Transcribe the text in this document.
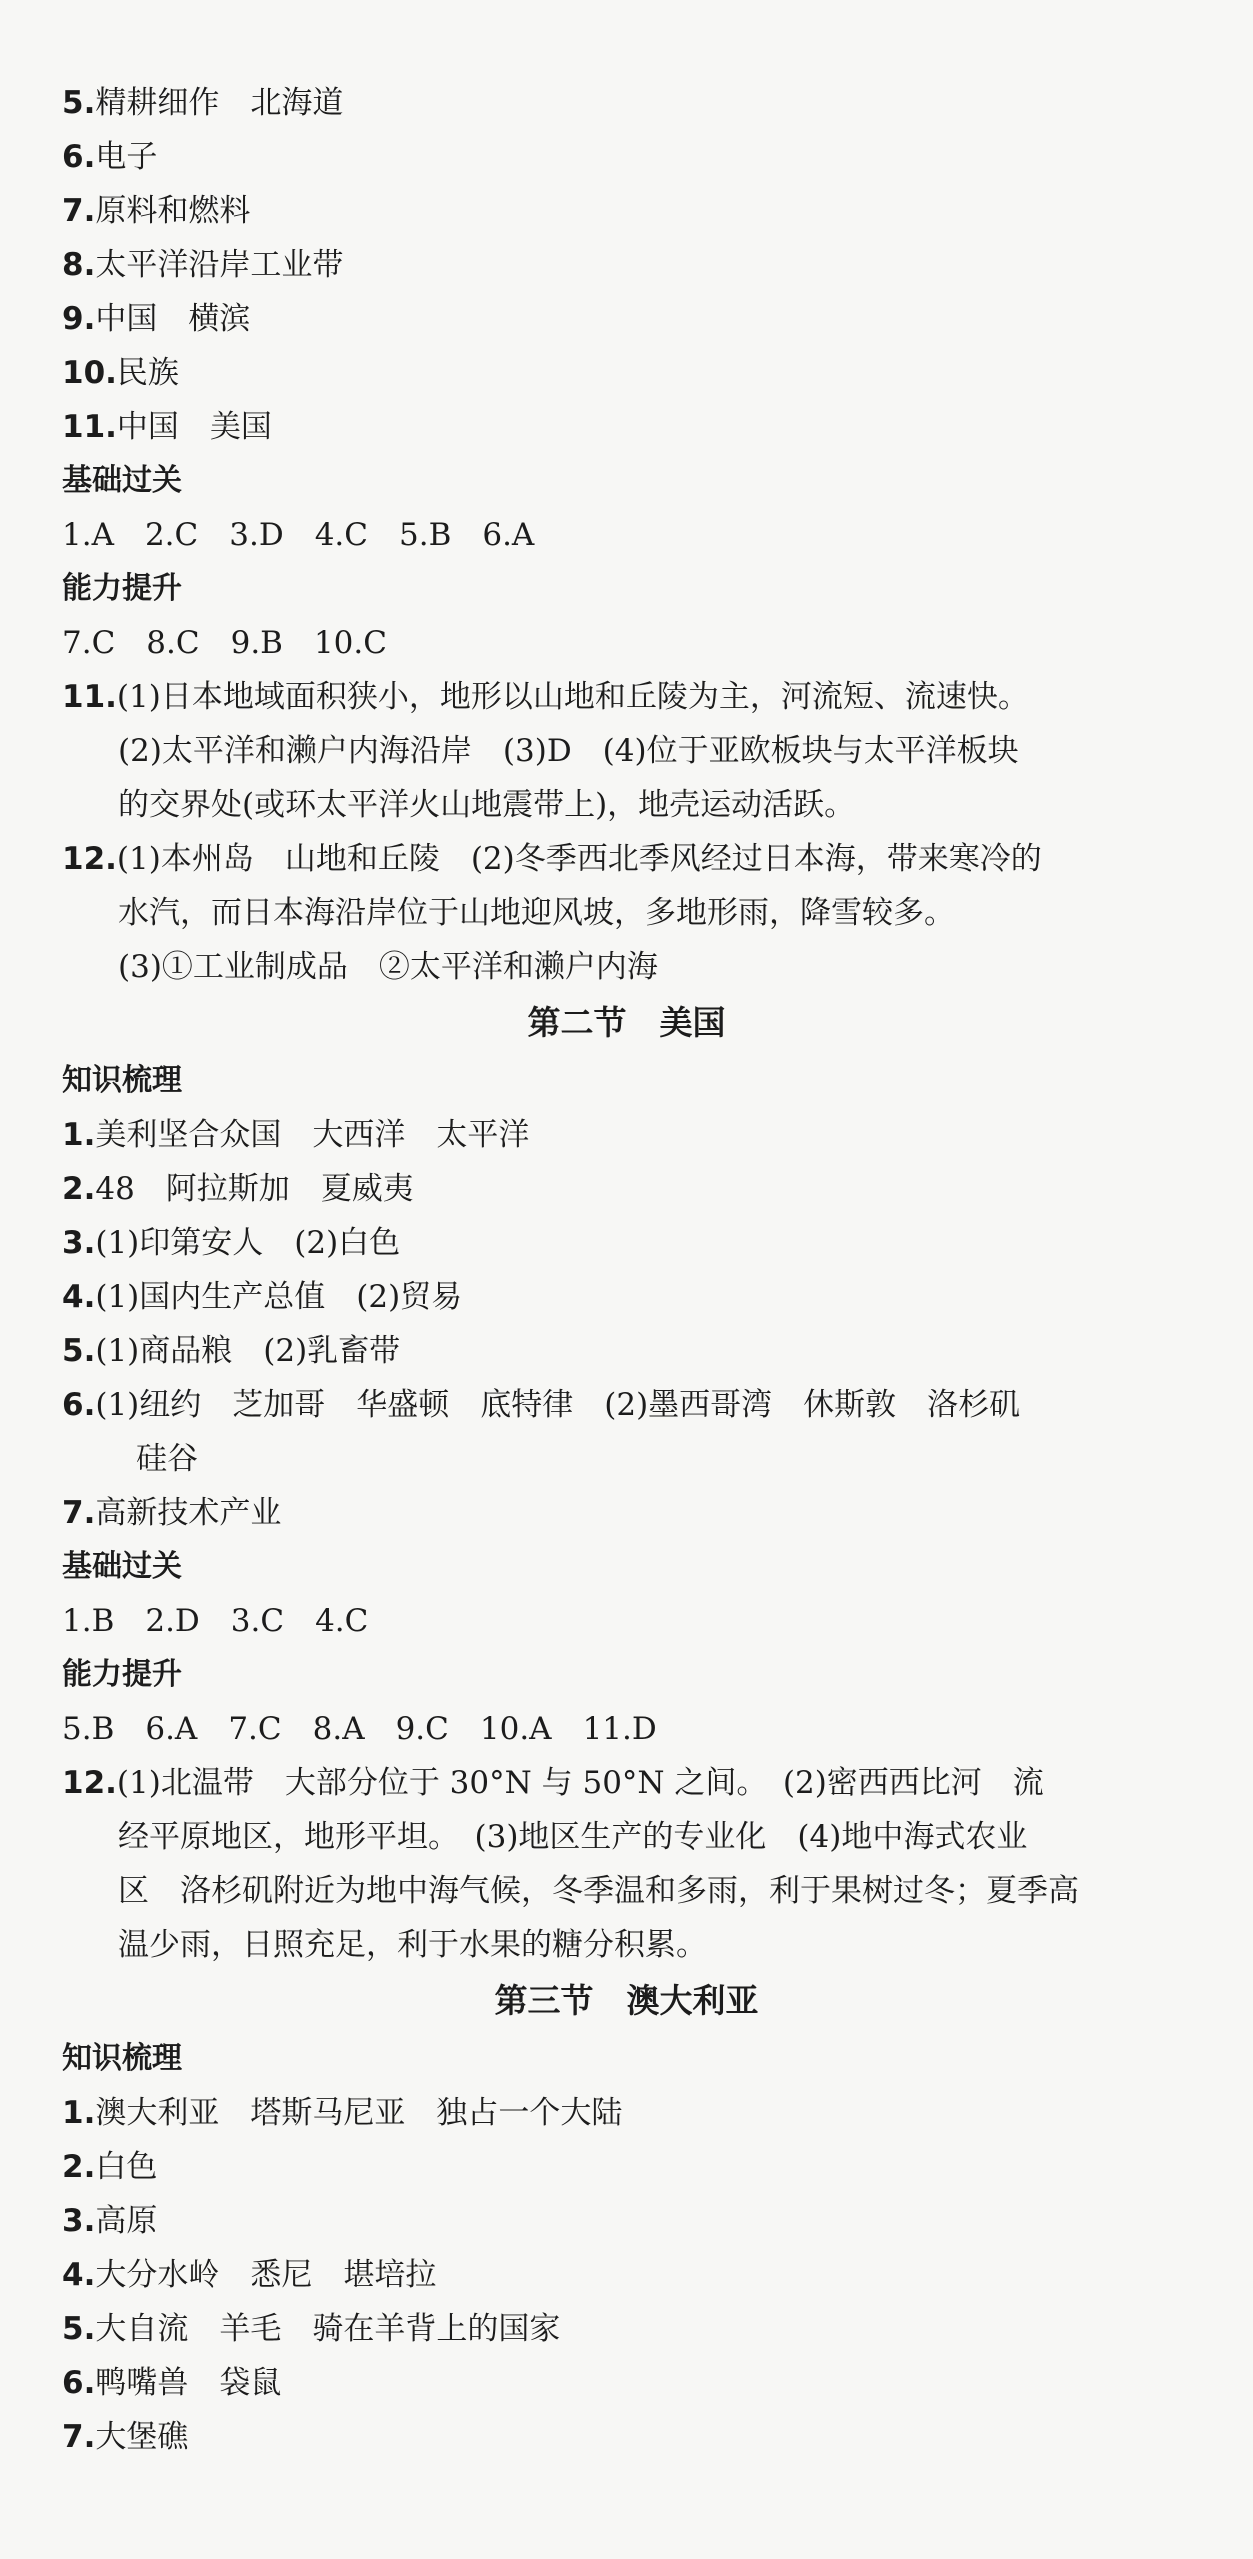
5.精耕细作　北海道
6.电子
7.原料和燃料
8.太平洋沿岸工业带
9.中国　横滨
10.民族
11.中国　美国
基础过关
1.A　2.C　3.D　4.C　5.B　6.A
能力提升
7.C　8.C　9.B　10.C
11.(1)日本地域面积狭小，地形以山地和丘陵为主，河流短、流速快。
(2)太平洋和濑户内海沿岸　(3)D　(4)位于亚欧板块与太平洋板块
的交界处(或环太平洋火山地震带上)，地壳运动活跃。
12.(1)本州岛　山地和丘陵　(2)冬季西北季风经过日本海，带来寒冷的
水汽，而日本海沿岸位于山地迎风坡，多地形雨，降雪较多。
(3)①工业制成品　②太平洋和濑户内海
第二节　美国
知识梳理
1.美利坚合众国　大西洋　太平洋
2.48　阿拉斯加　夏威夷
3.(1)印第安人　(2)白色
4.(1)国内生产总值　(2)贸易
5.(1)商品粮　(2)乳畜带
6.(1)纽约　芝加哥　华盛顿　底特律　(2)墨西哥湾　休斯敦　洛杉矶
硅谷
7.高新技术产业
基础过关
1.B　2.D　3.C　4.C
能力提升
5.B　6.A　7.C　8.A　9.C　10.A　11.D
12.(1)北温带　大部分位于 30°N 与 50°N 之间。　(2)密西西比河　流
经平原地区，地形平坦。　(3)地区生产的专业化　(4)地中海式农业
区　洛杉矶附近为地中海气候，冬季温和多雨，利于果树过冬；夏季高
温少雨，日照充足，利于水果的糖分积累。
第三节　澳大利亚
知识梳理
1.澳大利亚　塔斯马尼亚　独占一个大陆
2.白色
3.高原
4.大分水岭　悉尼　堪培拉
5.大自流　羊毛　骑在羊背上的国家
6.鸭嘴兽　袋鼠
7.大堡礁
